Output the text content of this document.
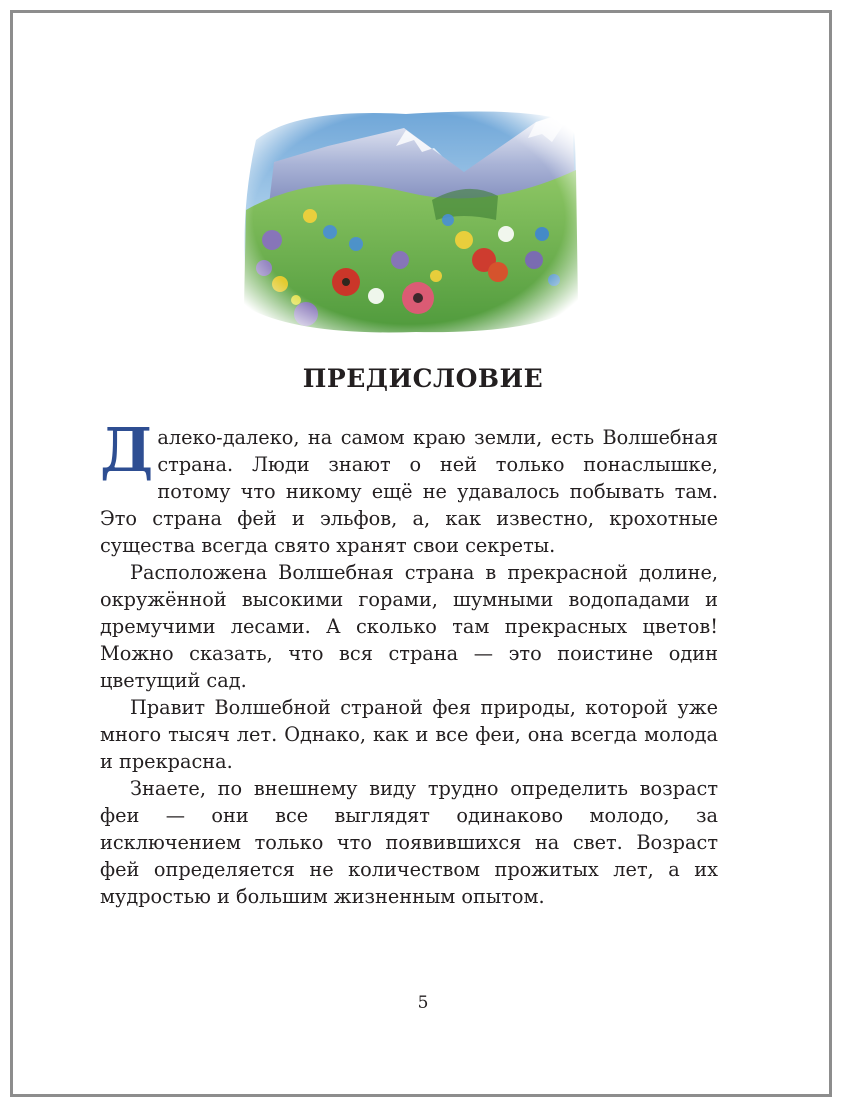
ПРЕДИСЛОВИЕ

Далеко-далеко, на самом краю земли, есть Волшебная страна. Люди знают о ней только понаслышке, потому что никому ещё не удавалось побывать там. Это страна фей и эльфов, а, как известно, крохотные существа всегда свято хранят свои секреты.

Расположена Волшебная страна в прекрасной долине, окружённой высокими горами, шумными водопадами и дремучими лесами. А сколько там прекрасных цветов! Можно сказать, что вся страна — это поистине один цветущий сад.

Правит Волшебной страной фея природы, которой уже много тысяч лет. Однако, как и все феи, она всегда молода и прекрасна.

Знаете, по внешнему виду трудно определить возраст феи — они все выглядят одинаково молодо, за исключением только что появившихся на свет. Возраст фей определяется не количеством прожитых лет, а их мудростью и большим жизненным опытом.

5
